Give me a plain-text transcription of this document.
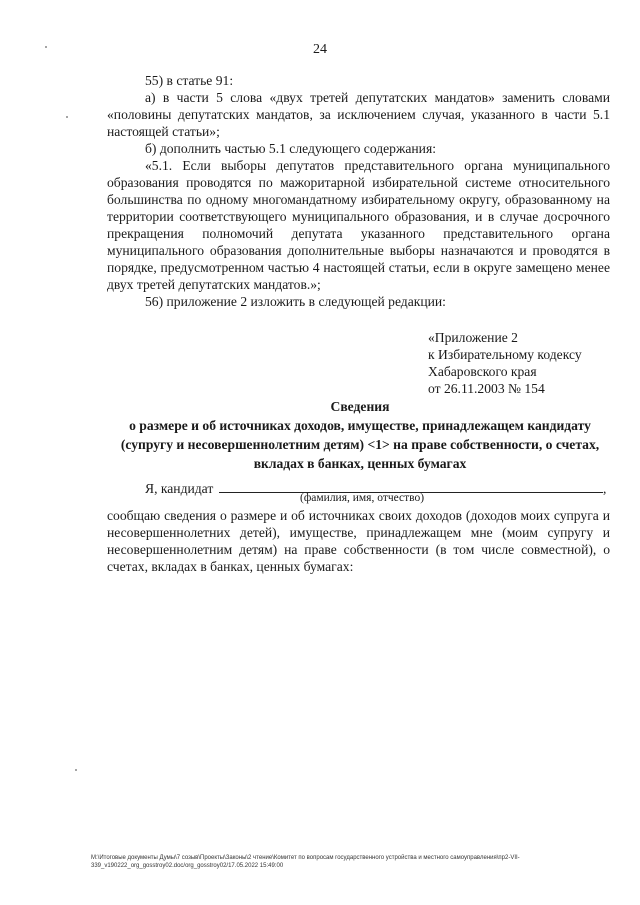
24

55) в статье 91:

а) в части 5 слова «двух третей депутатских мандатов» заменить словами «половины депутатских мандатов, за исключением случая, указанного в части 5.1 настоящей статьи»;

б) дополнить частью 5.1 следующего содержания:

«5.1. Если выборы депутатов представительного органа муниципального образования проводятся по мажоритарной избирательной системе относительного большинства по одному многомандатному избирательному округу, образованному на территории соответствующего муниципального образования, и в случае досрочного прекращения полномочий депутата указанного представительного органа муниципального образования дополнительные выборы назначаются и проводятся в порядке, предусмотренном частью 4 настоящей статьи, если в округе замещено менее двух третей депутатских мандатов.»;

56) приложение 2 изложить в следующей редакции:

«Приложение 2
к Избирательному кодексу
Хабаровского края
от 26.11.2003 № 154
Сведения
о размере и об источниках доходов, имуществе, принадлежащем кандидату
(супругу и несовершеннолетним детям) <1> на праве собственности, о счетах,
вкладах в банках, ценных бумагах
Я, кандидат	,
(фамилия, имя, отчество)
сообщаю сведения о размере и об источниках своих доходов (доходов моих супруга и несовершеннолетних детей), имуществе, принадлежащем мне (моим супругу и несовершеннолетним детям) на праве собственности (в том числе совместной), о счетах, вкладах в банках, ценных бумагах:
M:\Итоговые документы Думы\7 созыв\Проекты\Законы\2 чтение\Комитет по вопросам государственного устройства и местного самоуправления\пр2-VII-
339_v190222_org_gosstroy02.doc/org_gosstroy02/17.05.2022 15:49:00
